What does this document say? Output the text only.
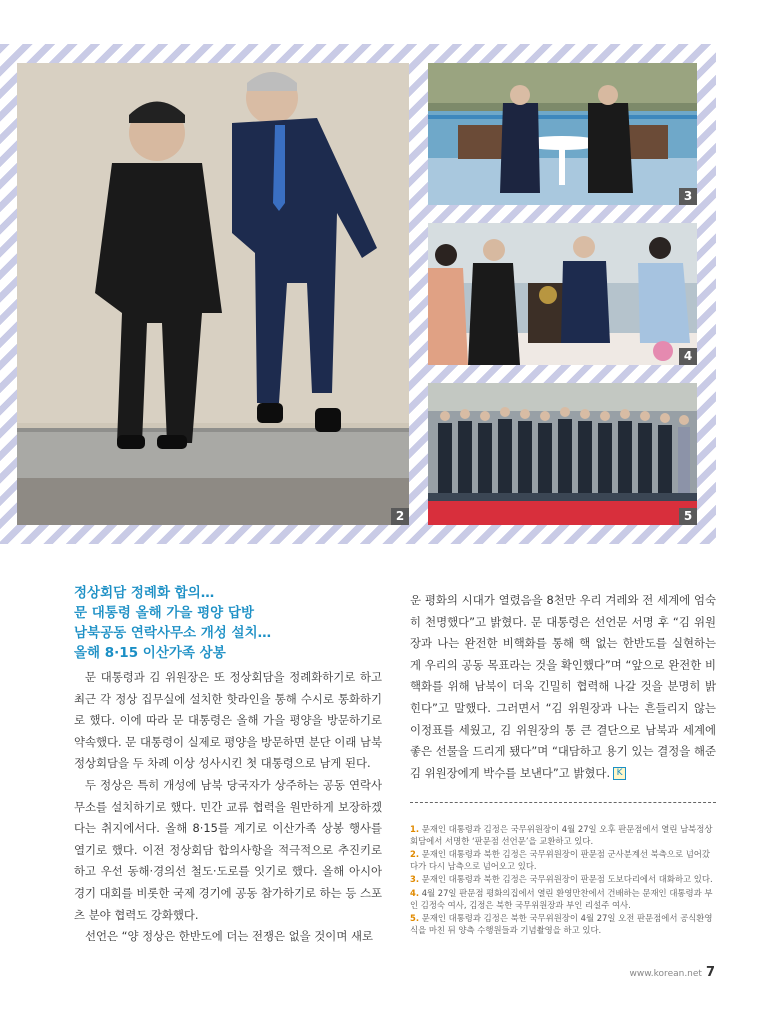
2
3
4
5
정상회담 정례화 합의…
문 대통령 올해 가을 평양 답방
남북공동 연락사무소 개성 설치…
올해 8·15 이산가족 상봉

문 대통령과 김 위원장은 또 정상회담을 정례화하기로 하고 최근 각 정상 집무실에 설치한 핫라인을 통해 수시로 통화하기로 했다. 이에 따라 문 대통령은 올해 가을 평양을 방문하기로 약속했다. 문 대통령이 실제로 평양을 방문하면 분단 이래 남북정상회담을 두 차례 이상 성사시킨 첫 대통령으로 남게 된다.

두 정상은 특히 개성에 남북 당국자가 상주하는 공동 연락사무소를 설치하기로 했다. 민간 교류 협력을 원만하게 보장하겠다는 취지에서다. 올해 8·15를 계기로 이산가족 상봉 행사를 열기로 했다. 이전 정상회담 합의사항을 적극적으로 추진키로 하고 우선 동해·경의선 철도·도로를 잇기로 했다. 올해 아시아경기 대회를 비롯한 국제 경기에 공동 참가하기로 하는 등 스포츠 분야 협력도 강화했다.

선언은 “양 정상은 한반도에 더는 전쟁은 없을 것이며 새로

운 평화의 시대가 열렸음을 8천만 우리 겨레와 전 세계에 엄숙히 천명했다”고 밝혔다. 문 대통령은 선언문 서명 후 “김 위원장과 나는 완전한 비핵화를 통해 핵 없는 한반도를 실현하는 게 우리의 공동 목표라는 것을 확인했다”며 “앞으로 완전한 비핵화를 위해 남북이 더욱 긴밀히 협력해 나갈 것을 분명히 밝힌다”고 말했다. 그러면서 “김 위원장과 나는 흔들리지 않는 이정표를 세웠고, 김 위원장의 통 큰 결단으로 남북과 세계에 좋은 선물을 드리게 됐다”며 “대담하고 용기 있는 결정을 해준 김 위원장에게 박수를 보낸다”고 밝혔다. K

1. 문재인 대통령과 김정은 국무위원장이 4월 27일 오후 판문점에서 열린 남북정상회담에서 서명한 ‘판문점 선언문’을 교환하고 있다.

2. 문재인 대통령과 북한 김정은 국무위원장이 판문점 군사분계선 북측으로 넘어갔다가 다시 남측으로 넘어오고 있다.

3. 문재인 대통령과 북한 김정은 국무위원장이 판문점 도보다리에서 대화하고 있다.

4. 4월 27일 판문점 평화의집에서 열린 환영만찬에서 건배하는 문재인 대통령과 부인 김정숙 여사, 김정은 북한 국무위원장과 부인 리설주 여사.

5. 문재인 대통령과 김정은 북한 국무위원장이 4월 27일 오전 판문점에서 공식환영식을 마친 뒤 양측 수행원들과 기념촬영을 하고 있다.

www.korean.net 7
